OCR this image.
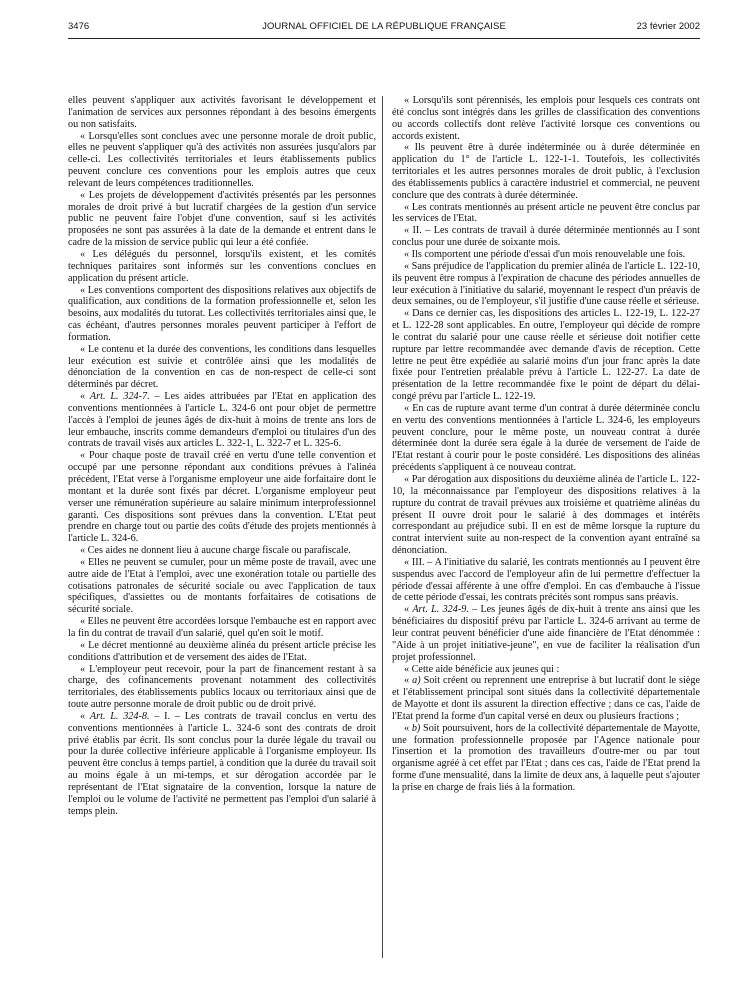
3476	JOURNAL OFFICIEL DE LA RÉPUBLIQUE FRANÇAISE	23 février 2002

elles peuvent s'appliquer aux activités favorisant le développement et l'animation de services aux personnes répondant à des besoins émergents ou non satisfaits.

« Lorsqu'elles sont conclues avec une personne morale de droit public, elles ne peuvent s'appliquer qu'à des activités non assurées jusqu'alors par celle-ci. Les collectivités territoriales et leurs établissements publics peuvent conclure ces conventions pour les emplois autres que ceux relevant de leurs compétences traditionnelles.

« Les projets de développement d'activités présentés par les personnes morales de droit privé à but lucratif chargées de la gestion d'un service public ne peuvent faire l'objet d'une convention, sauf si les activités proposées ne sont pas assurées à la date de la demande et entrent dans le cadre de la mission de service public qui leur a été confiée.

« Les délégués du personnel, lorsqu'ils existent, et les comités techniques paritaires sont informés sur les conventions conclues en application du présent article.

« Les conventions comportent des dispositions relatives aux objectifs de qualification, aux conditions de la formation professionnelle et, selon les besoins, aux modalités du tutorat. Les collectivités territoriales ainsi que, le cas échéant, d'autres personnes morales peuvent participer à l'effort de formation.

« Le contenu et la durée des conventions, les conditions dans lesquelles leur exécution est suivie et contrôlée ainsi que les modalités de dénonciation de la convention en cas de non-respect de celle-ci sont déterminés par décret.

« Art. L. 324-7. – Les aides attribuées par l'Etat en application des conventions mentionnées à l'article L. 324-6 ont pour objet de permettre l'accès à l'emploi de jeunes âgés de dix-huit à moins de trente ans lors de leur embauche, inscrits comme demandeurs d'emploi ou titulaires d'un des contrats de travail visés aux articles L. 322-1, L. 322-7 et L. 325-6.

« Pour chaque poste de travail créé en vertu d'une telle convention et occupé par une personne répondant aux conditions prévues à l'alinéa précédent, l'Etat verse à l'organisme employeur une aide forfaitaire dont le montant et la durée sont fixés par décret. L'organisme employeur peut verser une rémunération supérieure au salaire minimum interprofessionnel garanti. Ces dispositions sont prévues dans la convention. L'Etat peut prendre en charge tout ou partie des coûts d'étude des projets mentionnés à l'article L. 324-6.

« Ces aides ne donnent lieu à aucune charge fiscale ou parafiscale.

« Elles ne peuvent se cumuler, pour un même poste de travail, avec une autre aide de l'Etat à l'emploi, avec une exonération totale ou partielle des cotisations patronales de sécurité sociale ou avec l'application de taux spécifiques, d'assiettes ou de montants forfaitaires de cotisations de sécurité sociale.

« Elles ne peuvent être accordées lorsque l'embauche est en rapport avec la fin du contrat de travail d'un salarié, quel qu'en soit le motif.

« Le décret mentionné au deuxième alinéa du présent article précise les conditions d'attribution et de versement des aides de l'Etat.

« L'employeur peut recevoir, pour la part de financement restant à sa charge, des cofinancements provenant notamment des collectivités territoriales, des établissements publics locaux ou territoriaux ainsi que de toute autre personne morale de droit public ou de droit privé.

« Art. L. 324-8. – I. – Les contrats de travail conclus en vertu des conventions mentionnées à l'article L. 324-6 sont des contrats de droit privé établis par écrit. Ils sont conclus pour la durée légale du travail ou pour la durée collective inférieure applicable à l'organisme employeur. Ils peuvent être conclus à temps partiel, à condition que la durée du travail soit au moins égale à un mi-temps, et sur dérogation accordée par le représentant de l'Etat signataire de la convention, lorsque la nature de l'emploi ou le volume de l'activité ne permettent pas l'emploi d'un salarié à temps plein.

« Lorsqu'ils sont pérennisés, les emplois pour lesquels ces contrats ont été conclus sont intégrés dans les grilles de classification des conventions ou accords collectifs dont relève l'activité lorsque ces conventions ou accords existent.

« Ils peuvent être à durée indéterminée ou à durée déterminée en application du 1° de l'article L. 122-1-1. Toutefois, les collectivités territoriales et les autres personnes morales de droit public, à l'exclusion des établissements publics à caractère industriel et commercial, ne peuvent conclure que des contrats à durée déterminée.

« Les contrats mentionnés au présent article ne peuvent être conclus par les services de l'Etat.

« II. – Les contrats de travail à durée déterminée mentionnés au I sont conclus pour une durée de soixante mois.

« Ils comportent une période d'essai d'un mois renouvelable une fois.

« Sans préjudice de l'application du premier alinéa de l'article L. 122-10, ils peuvent être rompus à l'expiration de chacune des périodes annuelles de leur exécution à l'initiative du salarié, moyennant le respect d'un préavis de deux semaines, ou de l'employeur, s'il justifie d'une cause réelle et sérieuse.

« Dans ce dernier cas, les dispositions des articles L. 122-19, L. 122-27 et L. 122-28 sont applicables. En outre, l'employeur qui décide de rompre le contrat du salarié pour une cause réelle et sérieuse doit notifier cette rupture par lettre recommandée avec demande d'avis de réception. Cette lettre ne peut être expédiée au salarié moins d'un jour franc après la date fixée pour l'entretien préalable prévu à l'article L. 122-27. La date de présentation de la lettre recommandée fixe le point de départ du délai-congé prévu par l'article L. 122-19.

« En cas de rupture avant terme d'un contrat à durée déterminée conclu en vertu des conventions mentionnées à l'article L. 324-6, les employeurs peuvent conclure, pour le même poste, un nouveau contrat à durée déterminée dont la durée sera égale à la durée de versement de l'aide de l'Etat restant à courir pour le poste considéré. Les dispositions des alinéas précédents s'appliquent à ce nouveau contrat.

« Par dérogation aux dispositions du deuxième alinéa de l'article L. 122-10, la méconnaissance par l'employeur des dispositions relatives à la rupture du contrat de travail prévues aux troisième et quatrième alinéas du présent II ouvre droit pour le salarié à des dommages et intérêts correspondant au préjudice subi. Il en est de même lorsque la rupture du contrat intervient suite au non-respect de la convention ayant entraîné sa dénonciation.

« III. – A l'initiative du salarié, les contrats mentionnés au I peuvent être suspendus avec l'accord de l'employeur afin de lui permettre d'effectuer la période d'essai afférente à une offre d'emploi. En cas d'embauche à l'issue de cette période d'essai, les contrats précités sont rompus sans préavis.

« Art. L. 324-9. – Les jeunes âgés de dix-huit à trente ans ainsi que les bénéficiaires du dispositif prévu par l'article L. 324-6 arrivant au terme de leur contrat peuvent bénéficier d'une aide financière de l'Etat dénommée : "Aide à un projet initiative-jeune", en vue de faciliter la réalisation d'un projet professionnel.

« Cette aide bénéficie aux jeunes qui :

« a) Soit créent ou reprennent une entreprise à but lucratif dont le siège et l'établissement principal sont situés dans la collectivité départementale de Mayotte et dont ils assurent la direction effective ; dans ce cas, l'aide de l'Etat prend la forme d'un capital versé en deux ou plusieurs fractions ;

« b) Soit poursuivent, hors de la collectivité départementale de Mayotte, une formation professionnelle proposée par l'Agence nationale pour l'insertion et la promotion des travailleurs d'outre-mer ou par tout organisme agréé à cet effet par l'Etat ; dans ces cas, l'aide de l'Etat prend la forme d'une mensualité, dans la limite de deux ans, à laquelle peut s'ajouter la prise en charge de frais liés à la formation.
